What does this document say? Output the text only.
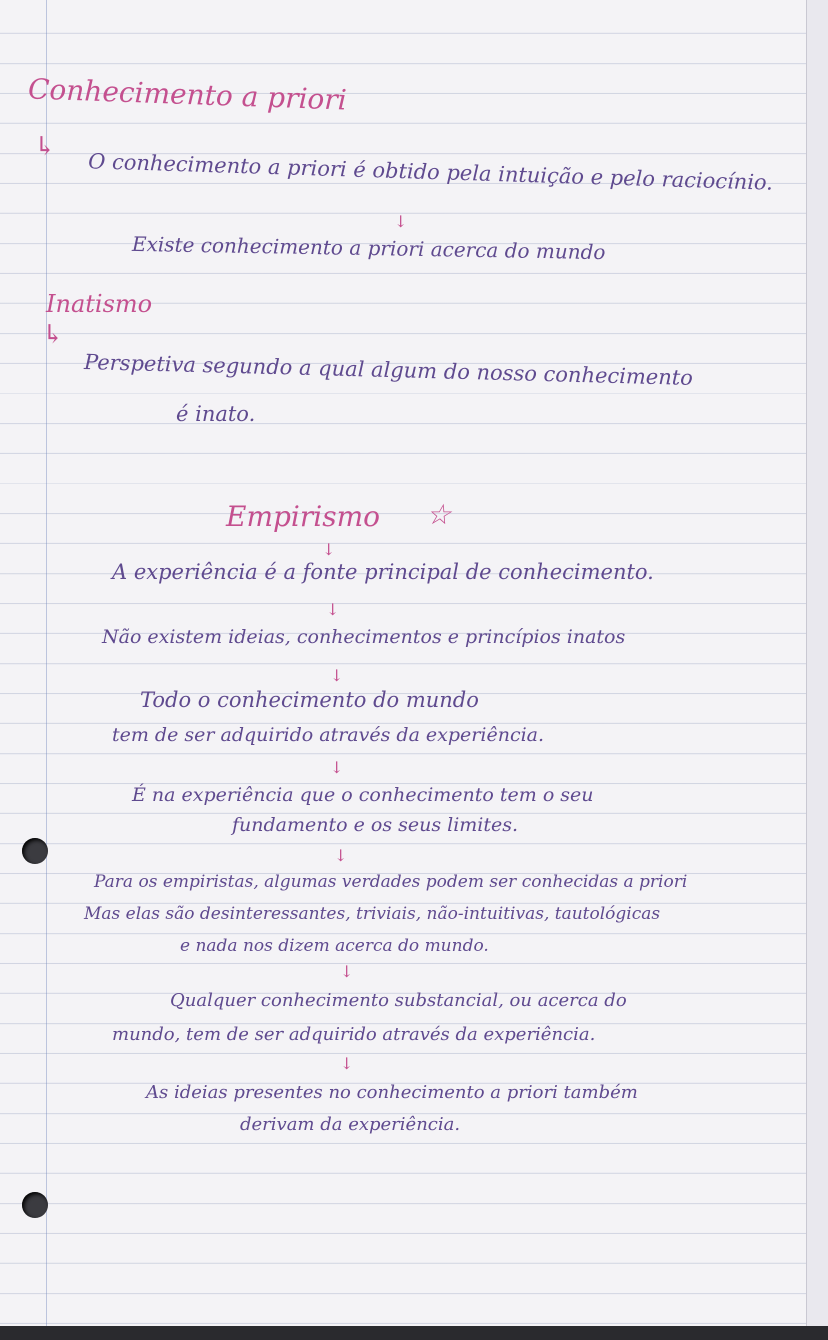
Conhecimento a priori
↳
O conhecimento a priori é obtido pela intuição e pelo raciocínio.
↓
Existe conhecimento a priori acerca do mundo
Inatismo
↳
Perspetiva segundo a qual algum do nosso conhecimento
é inato.
Empirismo ☆
↓
A experiência é a fonte principal de conhecimento.
↓
Não existem ideias, conhecimentos e princípios inatos
↓
Todo o conhecimento do mundo
tem de ser adquirido através da experiência.
↓
É na experiência que o conhecimento tem o seu
fundamento e os seus limites.
↓
Para os empiristas, algumas verdades podem ser conhecidas a priori
Mas elas são desinteressantes, triviais, não-intuitivas, tautológicas
e nada nos dizem acerca do mundo.
↓
Qualquer conhecimento substancial, ou acerca do
mundo, tem de ser adquirido através da experiência.
↓
As ideias presentes no conhecimento a priori também
derivam da experiência.
